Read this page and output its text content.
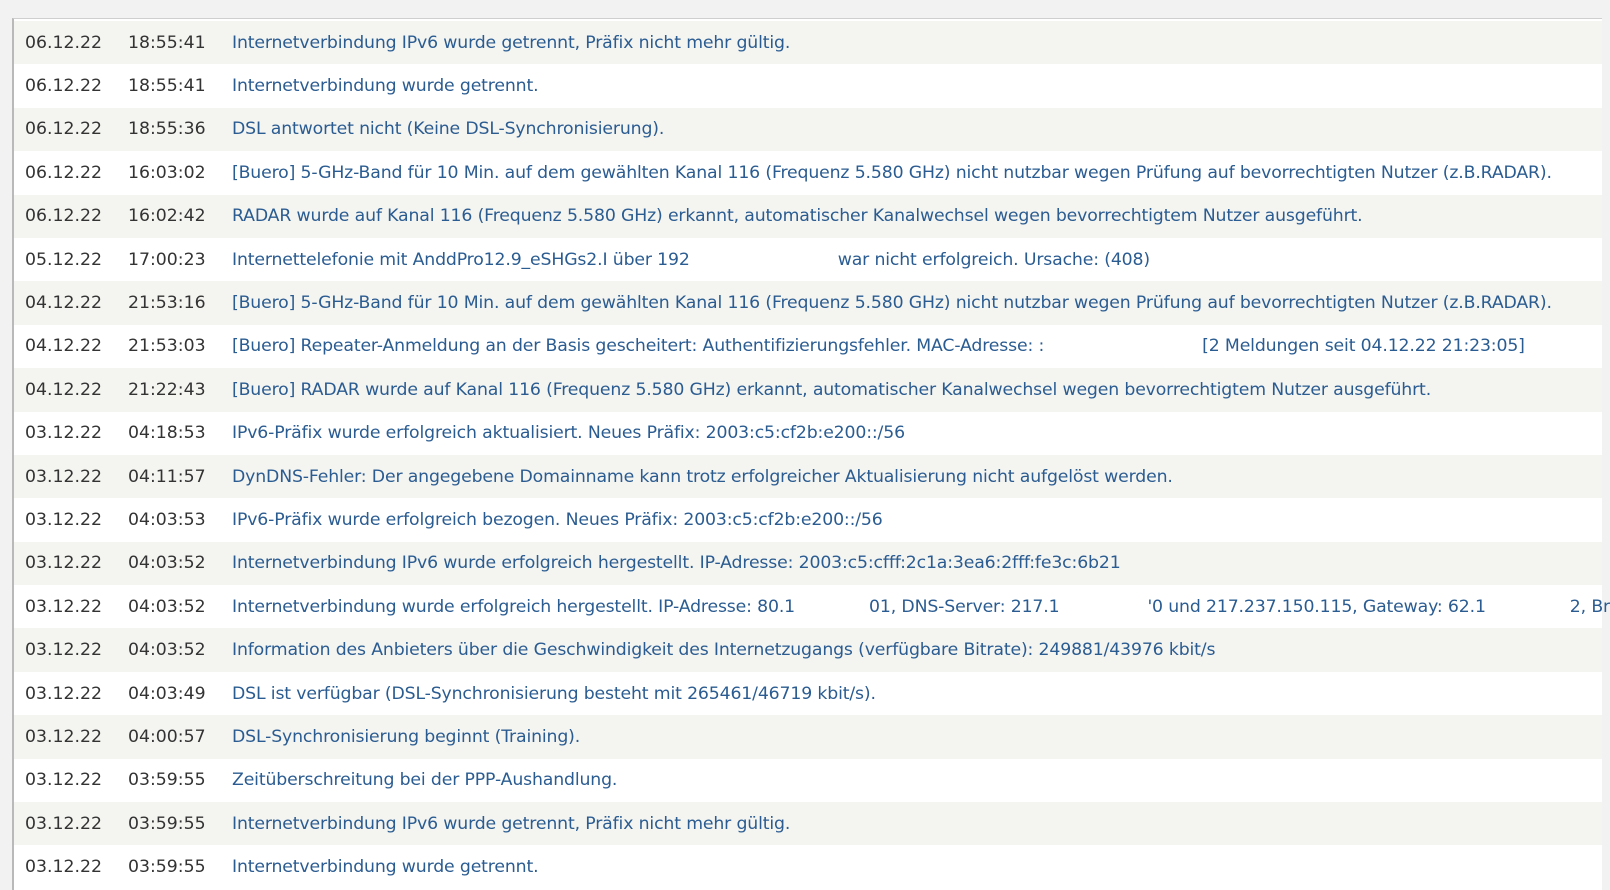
06.12.22	18:55:41	Internetverbindung IPv6 wurde getrennt, Präfix nicht mehr gültig.
06.12.22	18:55:41	Internetverbindung wurde getrennt.
06.12.22	18:55:36	DSL antwortet nicht (Keine DSL-Synchronisierung).
06.12.22	16:03:02	[Buero] 5-GHz-Band für 10 Min. auf dem gewählten Kanal 116 (Frequenz 5.580 GHz) nicht nutzbar wegen Prüfung auf bevorrechtigten Nutzer (z.B.RADAR).
06.12.22	16:02:42	RADAR wurde auf Kanal 116 (Frequenz 5.580 GHz) erkannt, automatischer Kanalwechsel wegen bevorrechtigtem Nutzer ausgeführt.
05.12.22	17:00:23	Internettelefonie mit AnddPro12.9_eSHGs2.I über 192	war nicht erfolgreich. Ursache: (408)
04.12.22	21:53:16	[Buero] 5-GHz-Band für 10 Min. auf dem gewählten Kanal 116 (Frequenz 5.580 GHz) nicht nutzbar wegen Prüfung auf bevorrechtigten Nutzer (z.B.RADAR).
04.12.22	21:53:03	[Buero] Repeater-Anmeldung an der Basis gescheitert: Authentifizierungsfehler. MAC-Adresse: :	[2 Meldungen seit 04.12.22 21:23:05]
04.12.22	21:22:43	[Buero] RADAR wurde auf Kanal 116 (Frequenz 5.580 GHz) erkannt, automatischer Kanalwechsel wegen bevorrechtigtem Nutzer ausgeführt.
03.12.22	04:18:53	IPv6-Präfix wurde erfolgreich aktualisiert. Neues Präfix: 2003:c5:cf2b:e200::/56
03.12.22	04:11:57	DynDNS-Fehler: Der angegebene Domainname kann trotz erfolgreicher Aktualisierung nicht aufgelöst werden.
03.12.22	04:03:53	IPv6-Präfix wurde erfolgreich bezogen. Neues Präfix: 2003:c5:cf2b:e200::/56
03.12.22	04:03:52	Internetverbindung IPv6 wurde erfolgreich hergestellt. IP-Adresse: 2003:c5:cfff:2c1a:3ea6:2fff:fe3c:6b21
03.12.22	04:03:52	Internetverbindung wurde erfolgreich hergestellt. IP-Adresse: 80.1	01, DNS-Server: 217.1	'0 und 217.237.150.115, Gateway: 62.1	2, Br
03.12.22	04:03:52	Information des Anbieters über die Geschwindigkeit des Internetzugangs (verfügbare Bitrate): 249881/43976 kbit/s
03.12.22	04:03:49	DSL ist verfügbar (DSL-Synchronisierung besteht mit 265461/46719 kbit/s).
03.12.22	04:00:57	DSL-Synchronisierung beginnt (Training).
03.12.22	03:59:55	Zeitüberschreitung bei der PPP-Aushandlung.
03.12.22	03:59:55	Internetverbindung IPv6 wurde getrennt, Präfix nicht mehr gültig.
03.12.22	03:59:55	Internetverbindung wurde getrennt.
